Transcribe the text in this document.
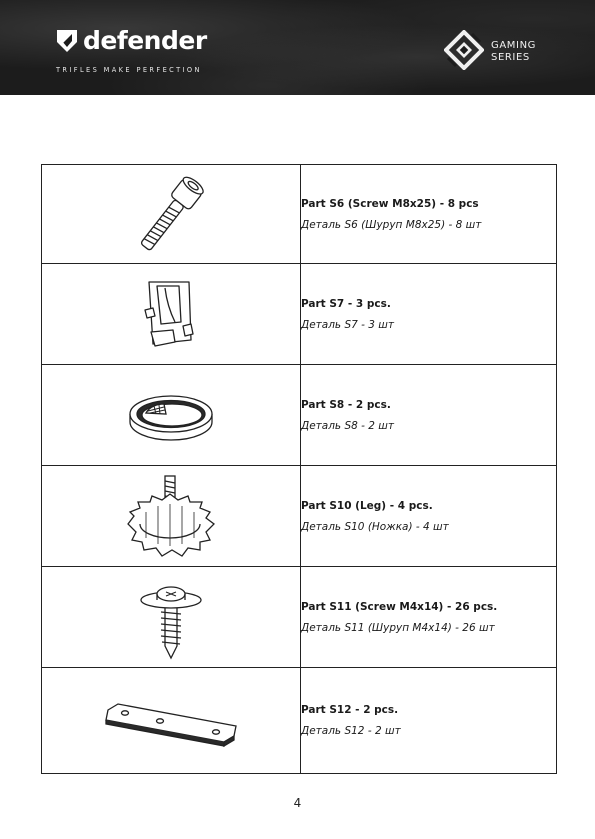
defender
TRIFLES MAKE PERFECTION
GAMING
SERIES

Part S6 (Screw M8x25) - 8 pcs
Деталь S6 (Шуруп M8x25) - 8 шт

Part S7 - 3 pcs.
Деталь S7 - 3 шт

Part S8 - 2 pcs.
Деталь S8 - 2 шт

Part S10 (Leg) - 4 pcs.
Деталь S10 (Ножка) - 4 шт

Part S11 (Screw M4x14) - 26 pcs.
Деталь S11 (Шуруп M4x14) - 26 шт

Part S12 - 2 pcs.
Деталь S12 - 2 шт
4
